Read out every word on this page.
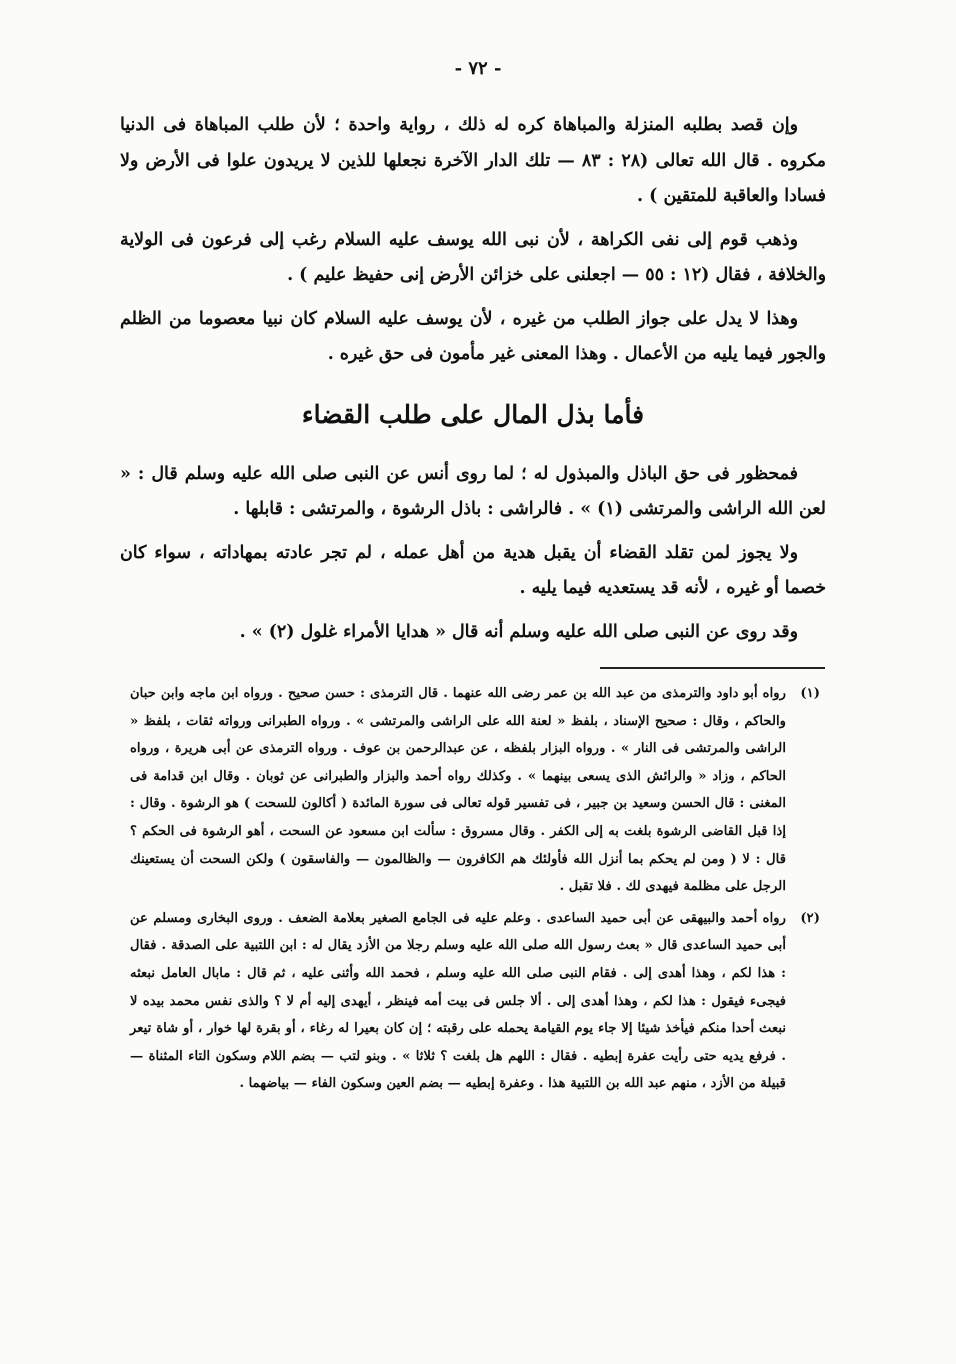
- ٧٢ -

وإن قصد بطلبه المنزلة والمباهاة كره له ذلك ، رواية واحدة ؛ لأن طلب المباهاة فى الدنيا مكروه . قال الله تعالى (٢٨ : ٨٣ — تلك الدار الآخرة نجعلها للذين لا يريدون علوا فى الأرض ولا فسادا والعاقبة للمتقين ) .

وذهب قوم إلى نفى الكراهة ، لأن نبى الله يوسف عليه السلام رغب إلى فرعون فى الولاية والخلافة ، فقال (١٢ : ٥٥ — اجعلنى على خزائن الأرض إنى حفيظ عليم ) .

وهذا لا يدل على جواز الطلب من غيره ، لأن يوسف عليه السلام كان نبيا معصوما من الظلم والجور فيما يليه من الأعمال . وهذا المعنى غير مأمون فى حق غيره .

فأما بذل المال على طلب القضاء

فمحظور فى حق الباذل والمبذول له ؛ لما روى أنس عن النبى صلى الله عليه وسلم قال : « لعن الله الراشى والمرتشى (١) » . فالراشى : باذل الرشوة ، والمرتشى : قابلها .

ولا يجوز لمن تقلد القضاء أن يقبل هدية من أهل عمله ، لم تجر عادته بمهاداته ، سواء كان خصما أو غيره ، لأنه قد يستعديه فيما يليه .

وقد روى عن النبى صلى الله عليه وسلم أنه قال « هدايا الأمراء غلول (٢) » .

(١)
رواه أبو داود والترمذى من عبد الله بن عمر رضى الله عنهما . قال الترمذى : حسن صحيح . ورواه ابن ماجه وابن حبان والحاكم ، وقال : صحيح الإسناد ، بلفظ « لعنة الله على الراشى والمرتشى » . ورواه الطبرانى ورواته ثقات ، بلفظ « الراشى والمرتشى فى النار » . ورواه البزار بلفظه ، عن عبدالرحمن بن عوف . ورواه الترمذى عن أبى هريرة ، ورواه الحاكم ، وزاد « والرائش الذى يسعى بينهما » . وكذلك رواه أحمد والبزار والطبرانى عن ثوبان . وقال ابن قدامة فى المغنى : قال الحسن وسعيد بن جبير ، فى تفسير قوله تعالى فى سورة المائدة ( أكالون للسحت ) هو الرشوة . وقال : إذا قبل القاضى الرشوة بلغت به إلى الكفر . وقال مسروق : سألت ابن مسعود عن السحت ، أهو الرشوة فى الحكم ؟ قال : لا ( ومن لم يحكم بما أنزل الله فأولئك هم الكافرون — والظالمون — والفاسقون ) ولكن السحت أن يستعينك الرجل على مظلمة فيهدى لك . فلا تقبل .
(٢)
رواه أحمد والبيهقى عن أبى حميد الساعدى . وعلم عليه فى الجامع الصغير بعلامة الضعف . وروى البخارى ومسلم عن أبى حميد الساعدى قال « بعث رسول الله صلى الله عليه وسلم رجلا من الأزد يقال له : ابن اللتبية على الصدقة . فقال : هذا لكم ، وهذا أهدى إلى . فقام النبى صلى الله عليه وسلم ، فحمد الله وأثنى عليه ، ثم قال : مابال العامل نبعثه فيجىء فيقول : هذا لكم ، وهذا أهدى إلى . ألا جلس فى بيت أمه فينظر ، أيهدى إليه أم لا ؟ والذى نفس محمد بيده لا نبعث أحدا منكم فيأخذ شيئا إلا جاء يوم القيامة يحمله على رقبته ؛ إن كان بعيرا له رغاء ، أو بقرة لها خوار ، أو شاة تيعر . فرفع يديه حتى رأيت عفرة إبطيه . فقال : اللهم هل بلغت ؟ ثلاثا » . وبنو لتب — بضم اللام وسكون التاء المثناة — قبيلة من الأزد ، منهم عبد الله بن اللتبية هذا . وعفرة إبطيه — بضم العين وسكون الفاء — بياضهما .
